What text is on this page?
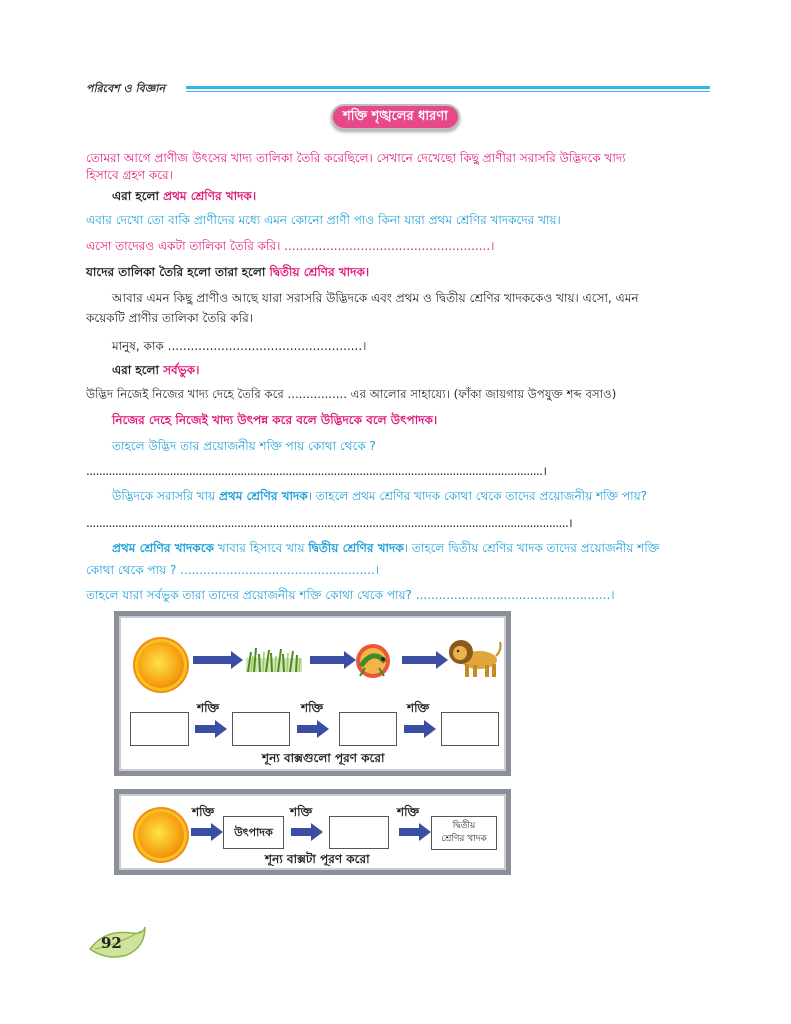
পরিবেশ ও বিজ্ঞান
শক্তি শৃঙ্খলের ধারণা
তোমরা আগে প্রাণীজ উৎসের খাদ্য তালিকা তৈরি করেছিলে। সেখানে দেখেছো কিছু প্রাণীরা সরাসরি উদ্ভিদকে খাদ্য
হিসাবে গ্রহণ করে।
এরা হলো প্রথম শ্রেণির খাদক।
এবার দেখো তো বাকি প্রাণীদের মধ্যে এমন কোনো প্রাণী পাও কিনা যারা প্রথম শ্রেণির খাদকদের খায়।
এসো তাদেরও একটা তালিকা তৈরি করি। ......................................................।
যাদের তালিকা তৈরি হলো তারা হলো দ্বিতীয় শ্রেণির খাদক।
আবার এমন কিছু প্রাণীও আছে যারা সরাসরি উদ্ভিদকে এবং প্রথম ও দ্বিতীয় শ্রেণির খাদককেও খায়। এসো, এমন
কয়েকটি প্রাণীর তালিকা তৈরি করি।
মানুষ, কাক ...................................................।
এরা হলো সর্বভুক।
উদ্ভিদ নিজেই নিজের খাদ্য দেহে তৈরি করে ................ এর আলোর সাহায্যে। (ফাঁকা জায়গায় উপযুক্ত শব্দ বসাও)
নিজের দেহে নিজেই খাদ্য উৎপন্ন করে বলে উদ্ভিদকে বলে উৎপাদক।
তাহলে উদ্ভিদ তার প্রয়োজনীয় শক্তি পায় কোথা থেকে ?
..............................................................................................................................................।
উদ্ভিদকে সরাসরি খায় প্রথম শ্রেণির খাদক। তাহলে প্রথম শ্রেণির খাদক কোথা থেকে তাদের প্রয়োজনীয় শক্তি পায়?
......................................................................................................................................................।
প্রথম শ্রেণির খাদককে খাবার হিসাবে খায় দ্বিতীয় শ্রেণির খাদক। তাহলে দ্বিতীয় শ্রেণির খাদক তাদের প্রয়োজনীয় শক্তি
কোথা থেকে পায় ? ...................................................।
তাহলে যারা সর্বভুক তারা তাদের প্রয়োজনীয় শক্তি কোথা থেকে পায়? ...................................................।
শক্তি	শক্তি	শক্তি
শূন্য বাক্সগুলো পূরণ করো
শক্তি
উৎপাদক
শক্তি	শক্তি
দ্বিতীয়
শ্রেণির খাদক
শূন্য বাক্সটা পূরণ করো
92
